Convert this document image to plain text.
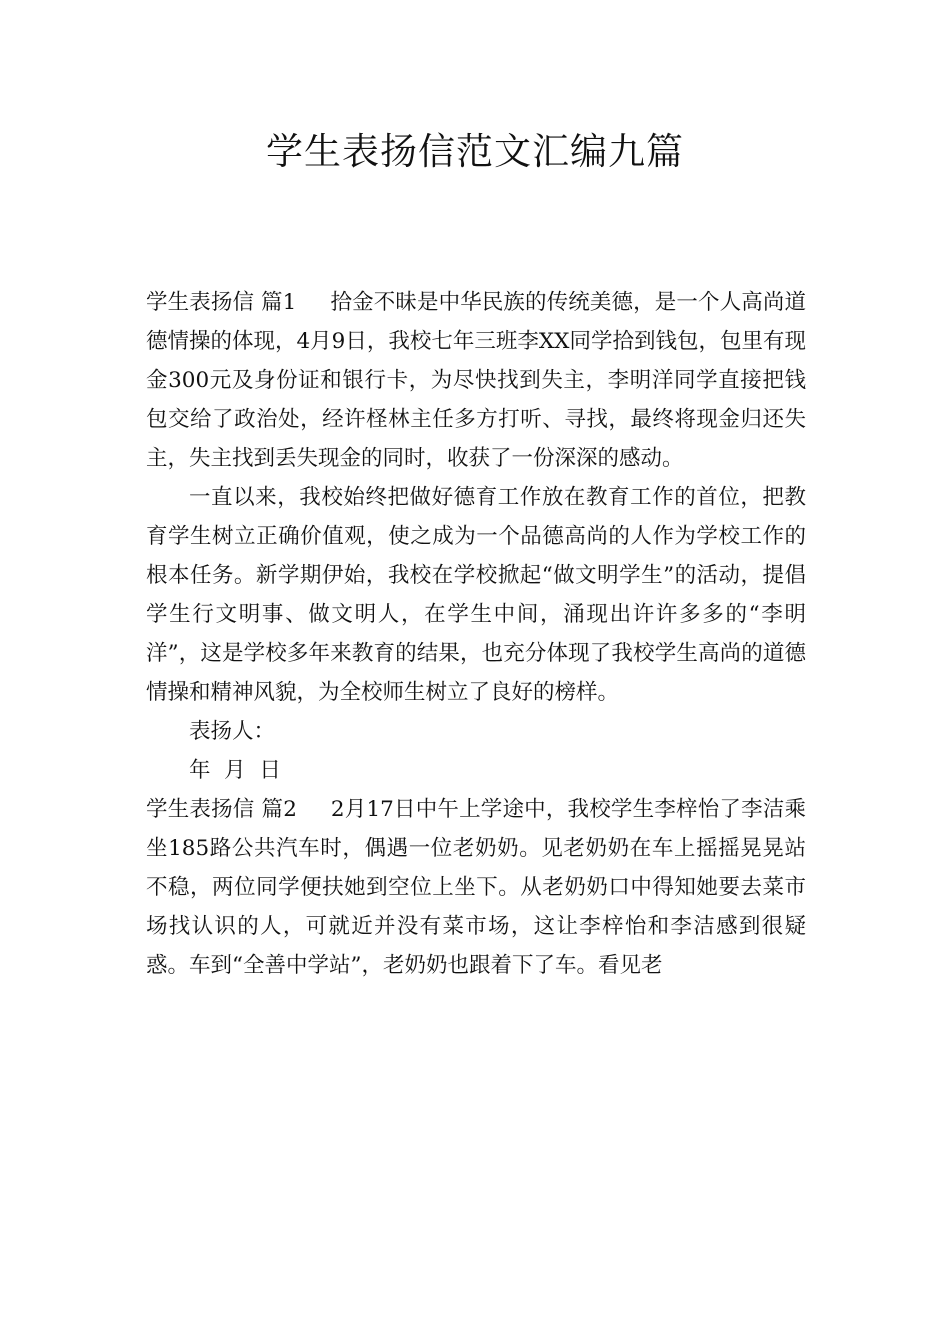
学生表扬信范文汇编九篇

学生表扬信 篇1 拾金不昧是中华民族的传统美德，是一个人高尚道德情操的体现，4月9日，我校七年三班李XX同学拾到钱包，包里有现金300元及身份证和银行卡，为尽快找到失主，李明洋同学直接把钱包交给了政治处，经许柽林主任多方打听、寻找，最终将现金归还失主，失主找到丢失现金的同时，收获了一份深深的感动。

一直以来，我校始终把做好德育工作放在教育工作的首位，把教育学生树立正确价值观，使之成为一个品德高尚的人作为学校工作的根本任务。新学期伊始，我校在学校掀起“做文明学生”的活动，提倡学生行文明事、做文明人，在学生中间，涌现出许许多多的“李明洋”，这是学校多年来教育的结果，也充分体现了我校学生高尚的道德情操和精神风貌，为全校师生树立了良好的榜样。

表扬人：

年  月  日

学生表扬信 篇2 2月17日中午上学途中，我校学生李梓怡了李洁乘坐185路公共汽车时，偶遇一位老奶奶。见老奶奶在车上摇摇晃晃站不稳，两位同学便扶她到空位上坐下。从老奶奶口中得知她要去菜市场找认识的人，可就近并没有菜市场，这让李梓怡和李洁感到很疑惑。车到“全善中学站”，老奶奶也跟着下了车。看见老
